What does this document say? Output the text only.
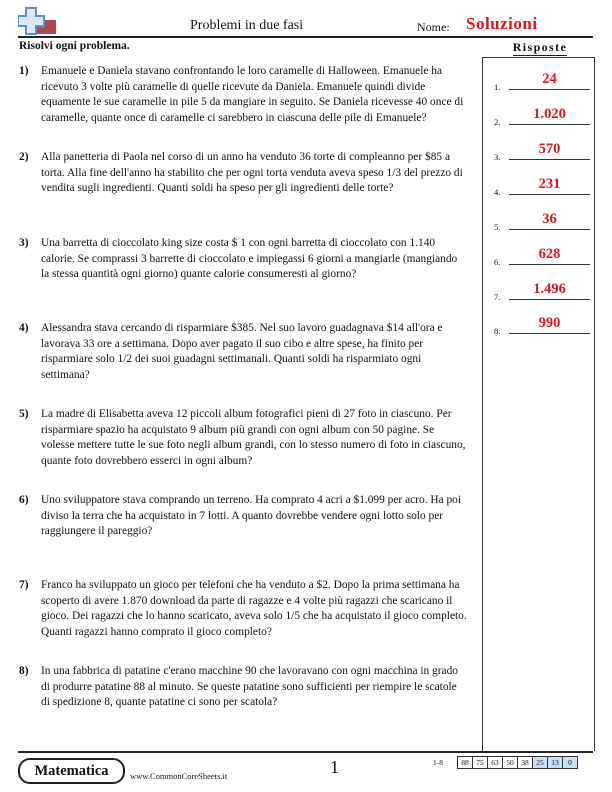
Problemi in due fasi	Nome: Soluzioni
Risolvi ogni problema.	Risposte
1)	Emanuele e Daniela stavano confrontando le loro caramelle di Halloween. Emanuele ha ricevuto 3 volte più caramelle di quelle ricevute da Daniela. Emanuele quindi divide equamente le sue caramelle in pile 5 da mangiare in seguito. Se Daniela ricevesse 40 once di caramelle, quante once di caramelle ci sarebbero in ciascuna delle pile di Emanuele?
2)	Alla panetteria di Paola nel corso di un anno ha venduto 36 torte di compleanno per $85 a torta. Alla fine dell'anno ha stabilito che per ogni torta venduta aveva speso 1/3 del prezzo di vendita sugli ingredienti. Quanti soldi ha speso per gli ingredienti delle torte?
3)	Una barretta di cioccolato king size costa $ 1 con ogni barretta di cioccolato con 1.140 calorie. Se comprassi 3 barrette di cioccolato e impiegassi 6 giorni a mangiarle (mangiando la stessa quantità ogni giorno) quante calorie consumeresti al giorno?
4)	Alessandra stava cercando di risparmiare $385. Nel suo lavoro guadagnava $14 all'ora e lavorava 33 ore a settimana. Dopo aver pagato il suo cibo e altre spese, ha finito per risparmiare solo 1/2 dei suoi guadagni settimanali. Quanti soldi ha risparmiato ogni settimana?
5)	La madre di Elisabetta aveva 12 piccoli album fotografici pieni di 27 foto in ciascuno. Per risparmiare spazio ha acquistato 9 album più grandi con ogni album con 50 pagine. Se volesse mettere tutte le sue foto negli album grandi, con lo stesso numero di foto in ciascuno, quante foto dovrebbero esserci in ogni album?
6)	Uno sviluppatore stava comprando un terreno. Ha comprato 4 acri a $1.099 per acro. Ha poi diviso la terra che ha acquistato in 7 lotti. A quanto dovrebbe vendere ogni lotto solo per raggiungere il pareggio?
7)	Franco ha sviluppato un gioco per telefoni che ha venduto a $2. Dopo la prima settimana ha scoperto di avere 1.870 download da parte di ragazze e 4 volte più ragazzi che scaricano il gioco. Dei ragazzi che lo hanno scaricato, aveva solo 1/5 che ha acquistato il gioco completo. Quanti ragazzi hanno comprato il gioco completo?
8)	In una fabbrica di patatine c'erano macchine 90 che lavoravano con ogni macchina in grado di produrre patatine 88 al minuto. Se queste patatine sono sufficienti per riempire le scatole di spedizione 8, quante patatine ci sono per scatola?
1.	24
2.	1.020
3.	570
4.	231
5.	36
6.	628
7.	1.496
8.	990
Matematica	www.CommonCoreSheets.it	1	1-8	88	75	63	50	38	25	13	0
